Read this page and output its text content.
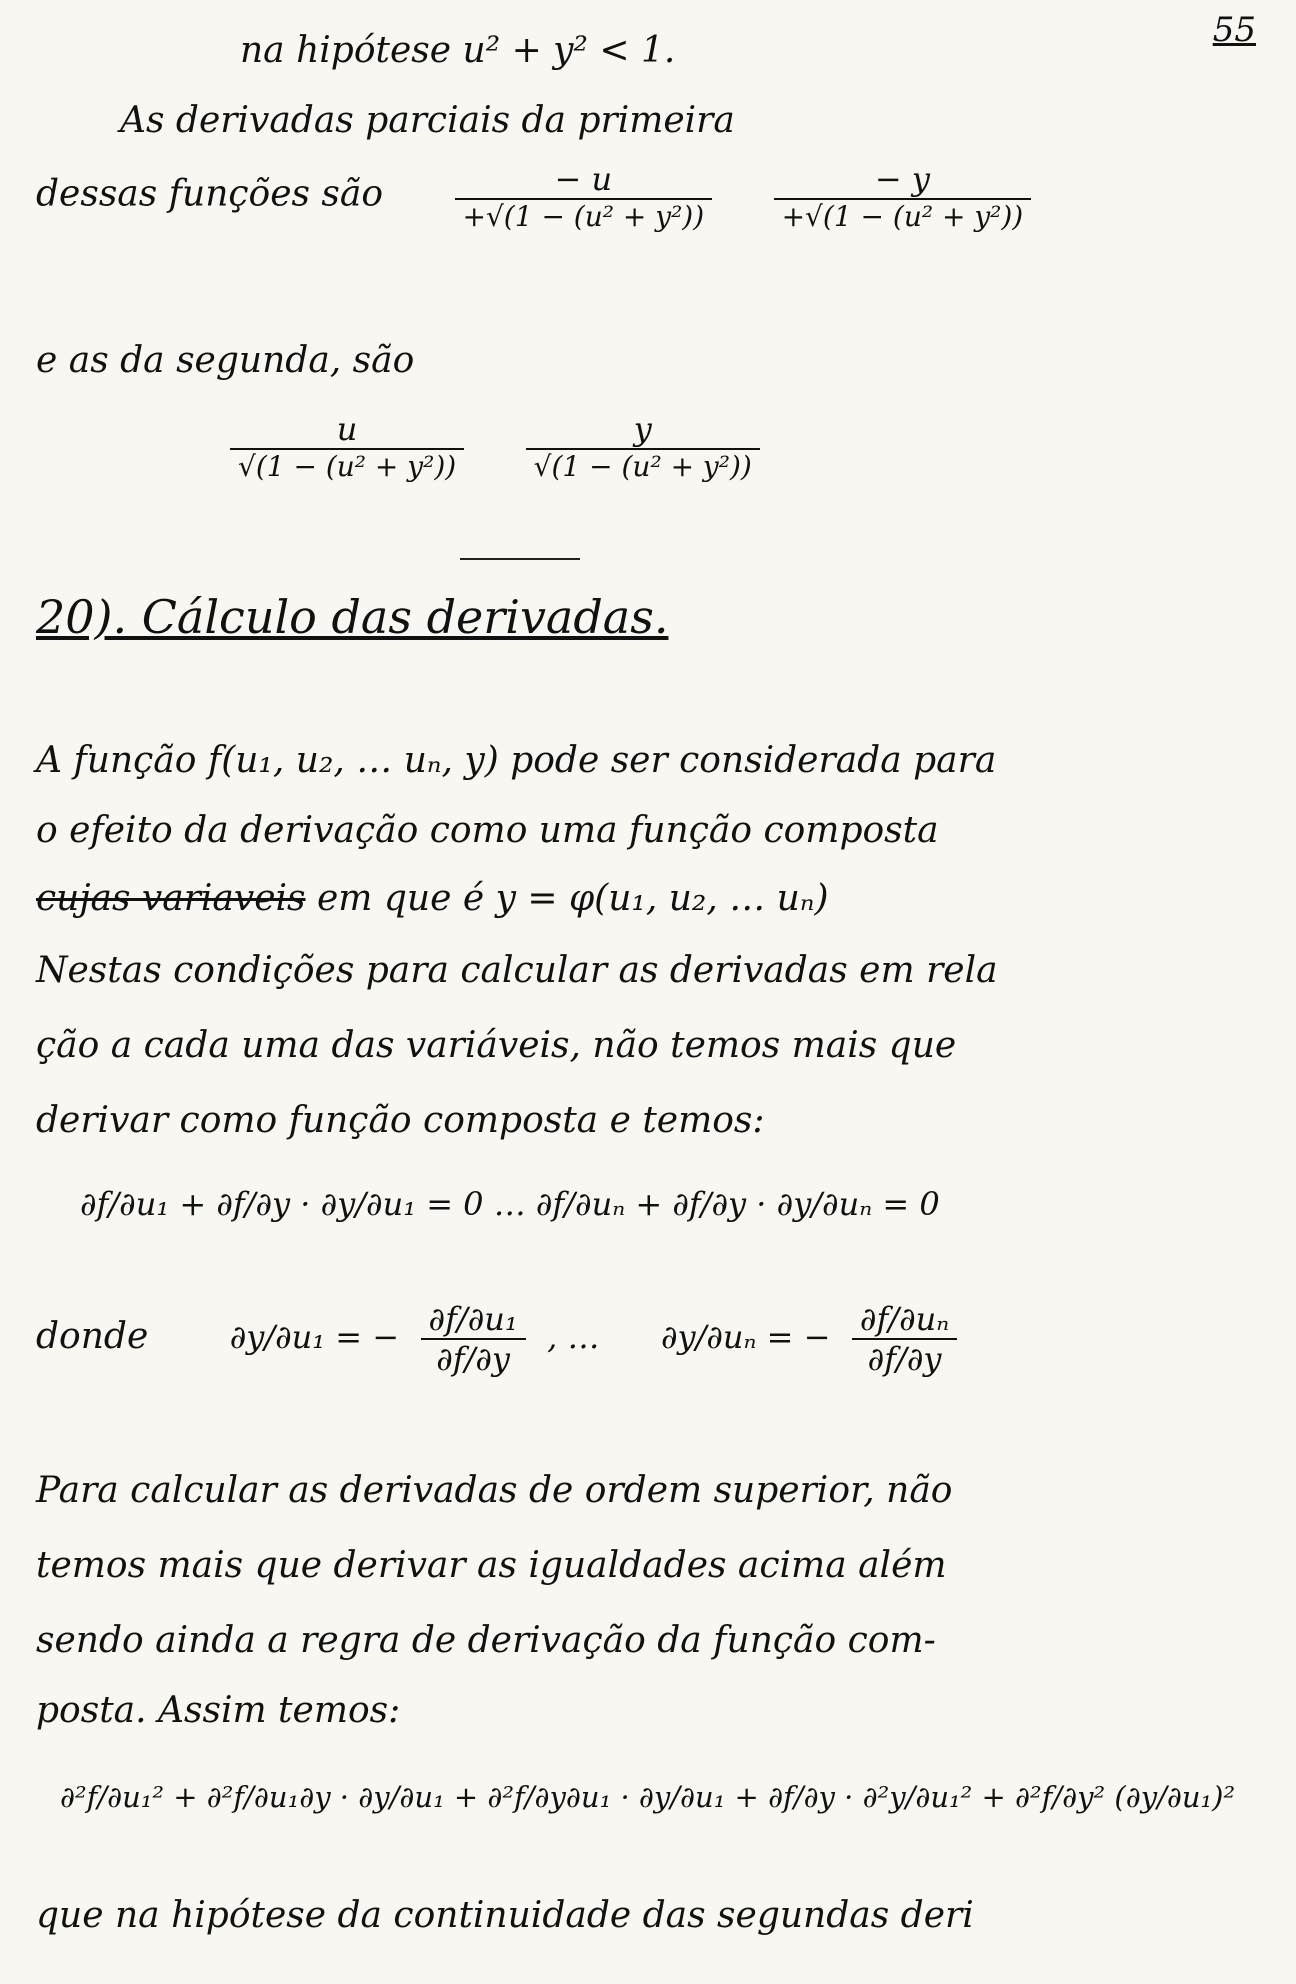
55
na hipótese u² + y² < 1.
As derivadas parciais da primeira
dessas funções são $\frac{- u}{\text{+√(1 − (u² + y²))}}$
$\frac{- y}{\text{+√(1 − (u² + y²))}}$
e as da segunda, são
$\frac{u}{\text{√(1 − (u² + y²))}}$
$\frac{y}{\text{√(1 − (u² + y²))}}$
20). Cálculo das derivadas.
A função f(u₁, u₂, … uₙ, y) pode ser considerada para
o efeito da derivação como uma função composta
cujas variaveis em que é y = φ(u₁, u₂, … uₙ)
Nestas condições para calcular as derivadas em rela
ção a cada uma das variáveis, não temos mais que
derivar como função composta e temos:
∂f/∂u₁ + ∂f/∂y · ∂y/∂u₁ = 0 … ∂f/∂uₙ + ∂f/∂y · ∂y/∂uₙ = 0
donde	∂y/∂u₁ = − $\frac{\text{∂f/∂u₁}}{\partial f/\partial y}$ , … ∂y/∂uₙ = − $\frac{\text{∂f/∂uₙ}}{\partial f/\partial y}$
Para calcular as derivadas de ordem superior, não
temos mais que derivar as igualdades acima além
sendo ainda a regra de derivação da função com-
posta. Assim temos:
∂²f/∂u₁² + ∂²f/∂u₁∂y · ∂y/∂u₁ + ∂²f/∂y∂u₁ · ∂y/∂u₁ + ∂f/∂y · ∂²y/∂u₁² + ∂²f/∂y² (∂y/∂u₁)²
que na hipótese da continuidade das segundas deri
